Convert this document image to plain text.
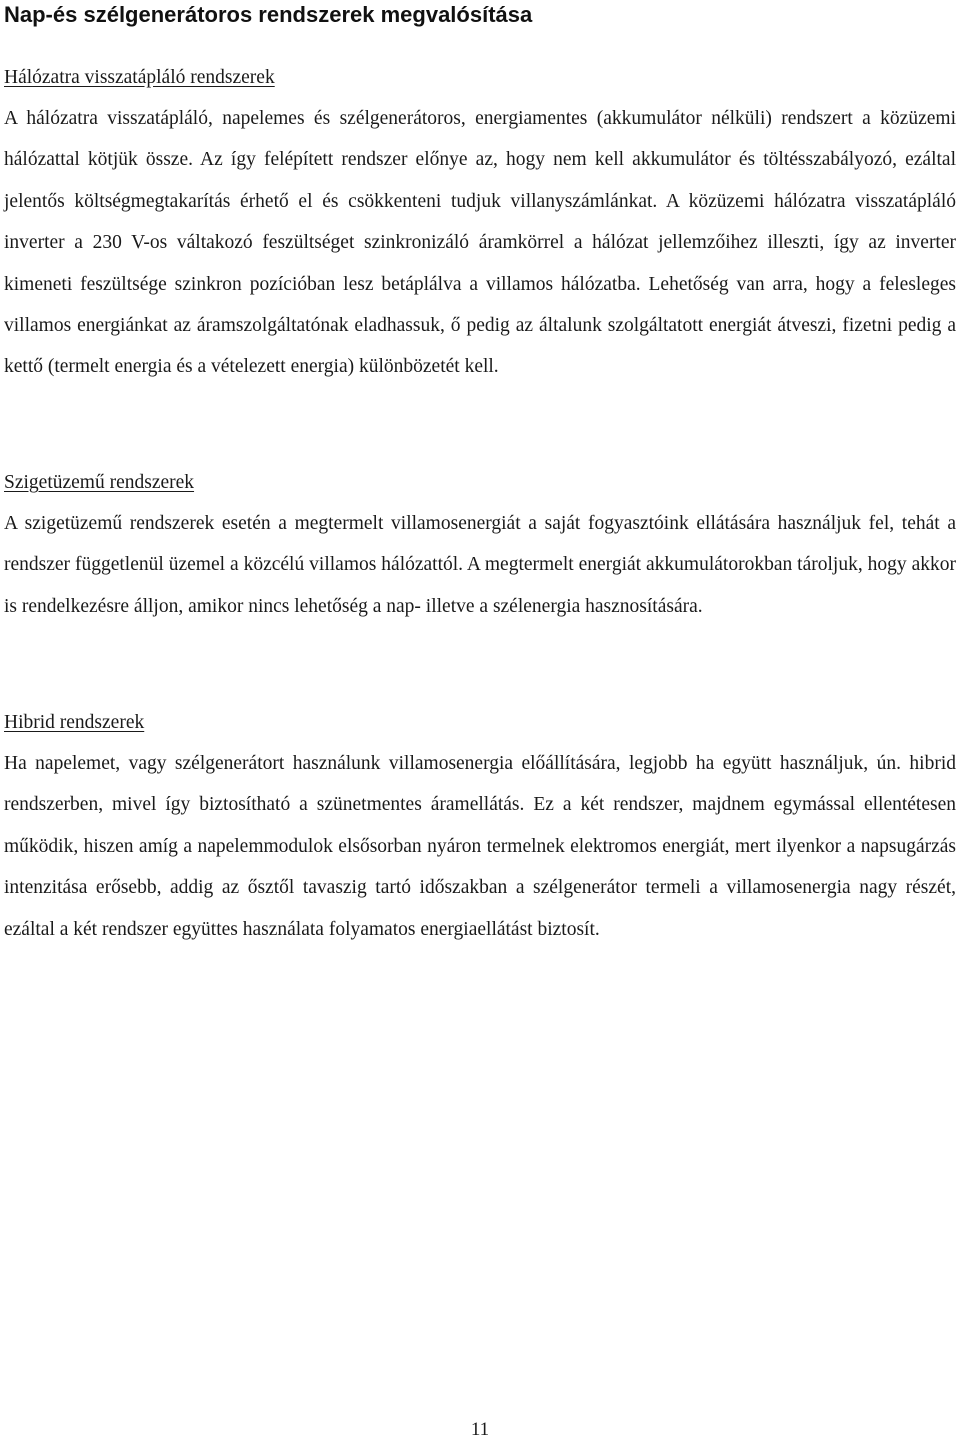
Nap-és szélgenerátoros rendszerek megvalósítása
Hálózatra visszatápláló rendszerek

A hálózatra visszatápláló, napelemes és szélgenerátoros, energiamentes (akkumulátor nélküli) rendszert a közüzemi hálózattal kötjük össze. Az így felépített rendszer előnye az, hogy nem kell akkumulátor és töltésszabályozó, ezáltal jelentős költségmegtakarítás érhető el és csökkenteni tudjuk villanyszámlánkat. A közüzemi hálózatra visszatápláló inverter a 230 V-os váltakozó feszültséget szinkronizáló áramkörrel a hálózat jellemzőihez illeszti, így az inverter kimeneti feszültsége szinkron pozícióban lesz betáplálva a villamos hálózatba. Lehetőség van arra, hogy a felesleges villamos energiánkat az áramszolgáltatónak eladhassuk, ő pedig az általunk szolgáltatott energiát átveszi, fizetni pedig a kettő (termelt energia és a vételezett energia) különbözetét kell.

Szigetüzemű rendszerek

A szigetüzemű rendszerek esetén a megtermelt villamosenergiát a saját fogyasztóink ellátására használjuk fel, tehát a rendszer függetlenül üzemel a közcélú villamos hálózattól. A megtermelt energiát akkumulátorokban tároljuk, hogy akkor is rendelkezésre álljon, amikor nincs lehetőség a nap- illetve a szélenergia hasznosítására.

Hibrid rendszerek

Ha napelemet, vagy szélgenerátort használunk villamosenergia előállítására, legjobb ha együtt használjuk, ún. hibrid rendszerben, mivel így biztosítható a szünetmentes áramellátás. Ez a két rendszer, majdnem egymással ellentétesen működik, hiszen amíg a napelemmodulok elsősorban nyáron termelnek elektromos energiát, mert ilyenkor a napsugárzás intenzitása erősebb, addig az ősztől tavaszig tartó időszakban a szélgenerátor termeli a villamosenergia nagy részét, ezáltal a két rendszer együttes használata folyamatos energiaellátást biztosít.

11
